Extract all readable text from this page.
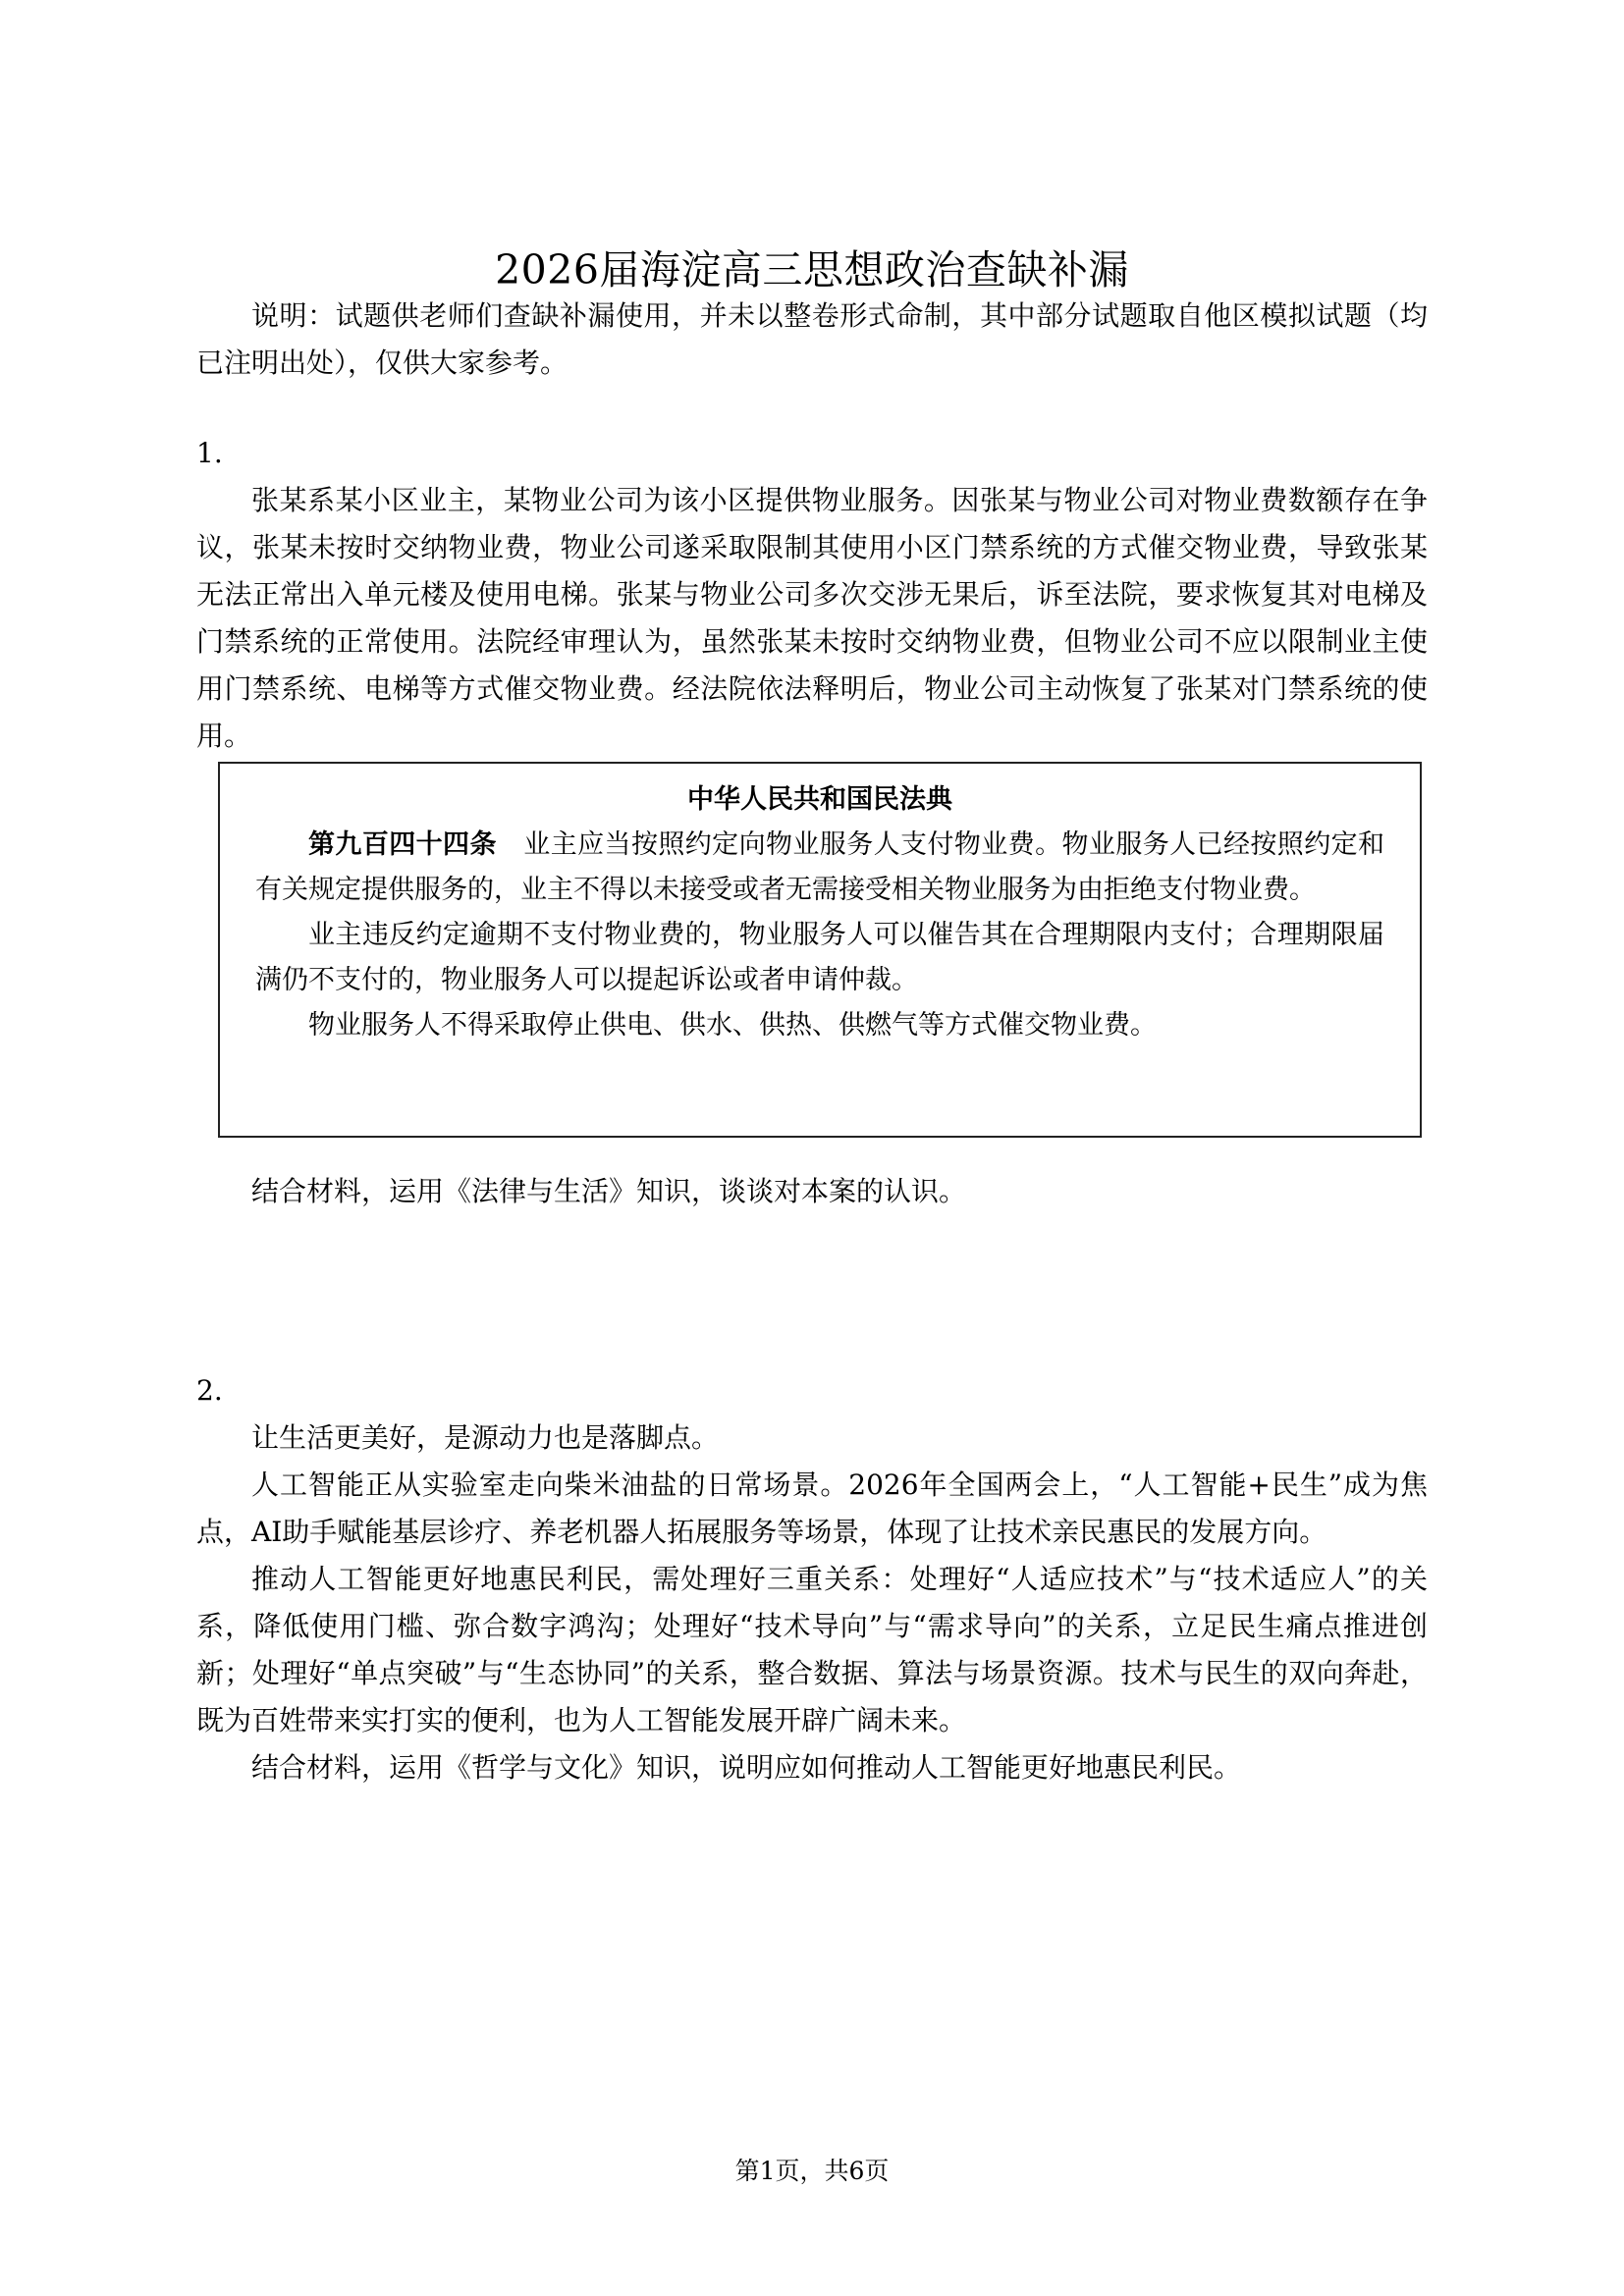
2026届海淀高三思想政治查缺补漏

说明：试题供老师们查缺补漏使用，并未以整卷形式命制，其中部分试题取自他区模拟试题（均已注明出处），仅供大家参考。

1.

张某系某小区业主，某物业公司为该小区提供物业服务。因张某与物业公司对物业费数额存在争议，张某未按时交纳物业费，物业公司遂采取限制其使用小区门禁系统的方式催交物业费，导致张某无法正常出入单元楼及使用电梯。张某与物业公司多次交涉无果后，诉至法院，要求恢复其对电梯及门禁系统的正常使用。法院经审理认为，虽然张某未按时交纳物业费，但物业公司不应以限制业主使用门禁系统、电梯等方式催交物业费。经法院依法释明后，物业公司主动恢复了张某对门禁系统的使用。

中华人民共和国民法典

第九百四十四条　 业主应当按照约定向物业服务人支付物业费。物业服务人已经按照约定和有关规定提供服务的，业主不得以未接受或者无需接受相关物业服务为由拒绝支付物业费。

业主违反约定逾期不支付物业费的，物业服务人可以催告其在合理期限内支付；合理期限届满仍不支付的，物业服务人可以提起诉讼或者申请仲裁。

物业服务人不得采取停止供电、供水、供热、供燃气等方式催交物业费。

结合材料，运用《法律与生活》知识，谈谈对本案的认识。

2.

让生活更美好，是源动力也是落脚点。

人工智能正从实验室走向柴米油盐的日常场景。2026年全国两会上，“人工智能+民生”成为焦点，AI助手赋能基层诊疗、养老机器人拓展服务等场景，体现了让技术亲民惠民的发展方向。

推动人工智能更好地惠民利民，需处理好三重关系：处理好“人适应技术”与“技术适应人”的关系，降低使用门槛、弥合数字鸿沟；处理好“技术导向”与“需求导向”的关系，立足民生痛点推进创新；处理好“单点突破”与“生态协同”的关系，整合数据、算法与场景资源。技术与民生的双向奔赴，既为百姓带来实打实的便利，也为人工智能发展开辟广阔未来。

结合材料，运用《哲学与文化》知识，说明应如何推动人工智能更好地惠民利民。

第1页，共6页
